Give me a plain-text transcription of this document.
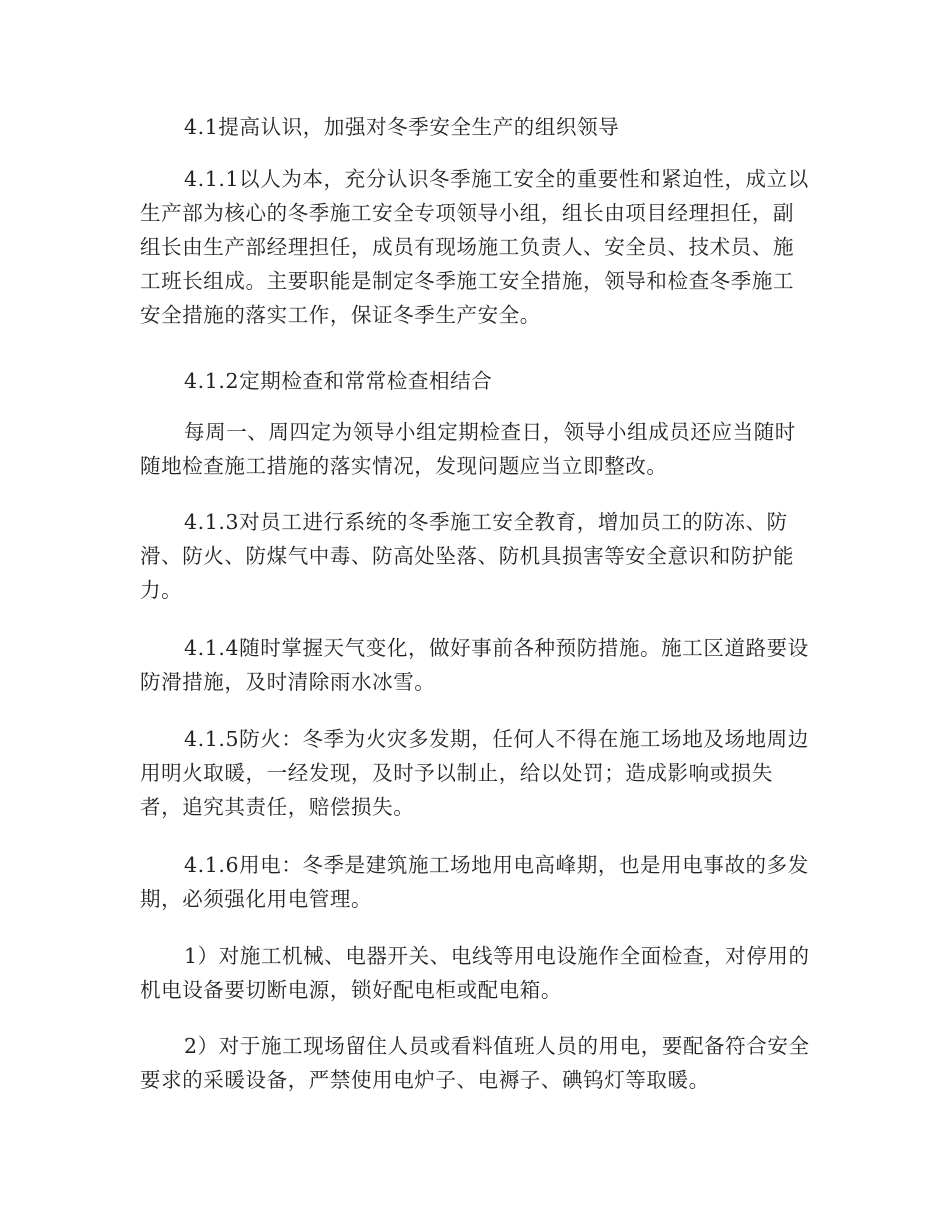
4.1提高认识，加强对冬季安全生产的组织领导

4.1.1以人为本，充分认识冬季施工安全的重要性和紧迫性，成立以生产部为核心的冬季施工安全专项领导小组，组长由项目经理担任，副组长由生产部经理担任，成员有现场施工负责人、安全员、技术员、施工班长组成。主要职能是制定冬季施工安全措施，领导和检查冬季施工安全措施的落实工作，保证冬季生产安全。

4.1.2定期检查和常常检查相结合

每周一、周四定为领导小组定期检查日，领导小组成员还应当随时随地检查施工措施的落实情况，发现问题应当立即整改。

4.1.3对员工进行系统的冬季施工安全教育，增加员工的防冻、防滑、防火、防煤气中毒、防高处坠落、防机具损害等安全意识和防护能力。

4.1.4随时掌握天气变化，做好事前各种预防措施。施工区道路要设防滑措施，及时清除雨水冰雪。

4.1.5防火：冬季为火灾多发期，任何人不得在施工场地及场地周边用明火取暖，一经发现，及时予以制止，给以处罚；造成影响或损失者，追究其责任，赔偿损失。

4.1.6用电：冬季是建筑施工场地用电高峰期，也是用电事故的多发期，必须强化用电管理。

1）对施工机械、电器开关、电线等用电设施作全面检查，对停用的机电设备要切断电源，锁好配电柜或配电箱。

2）对于施工现场留住人员或看料值班人员的用电，要配备符合安全要求的采暖设备，严禁使用电炉子、电褥子、碘钨灯等取暖。
